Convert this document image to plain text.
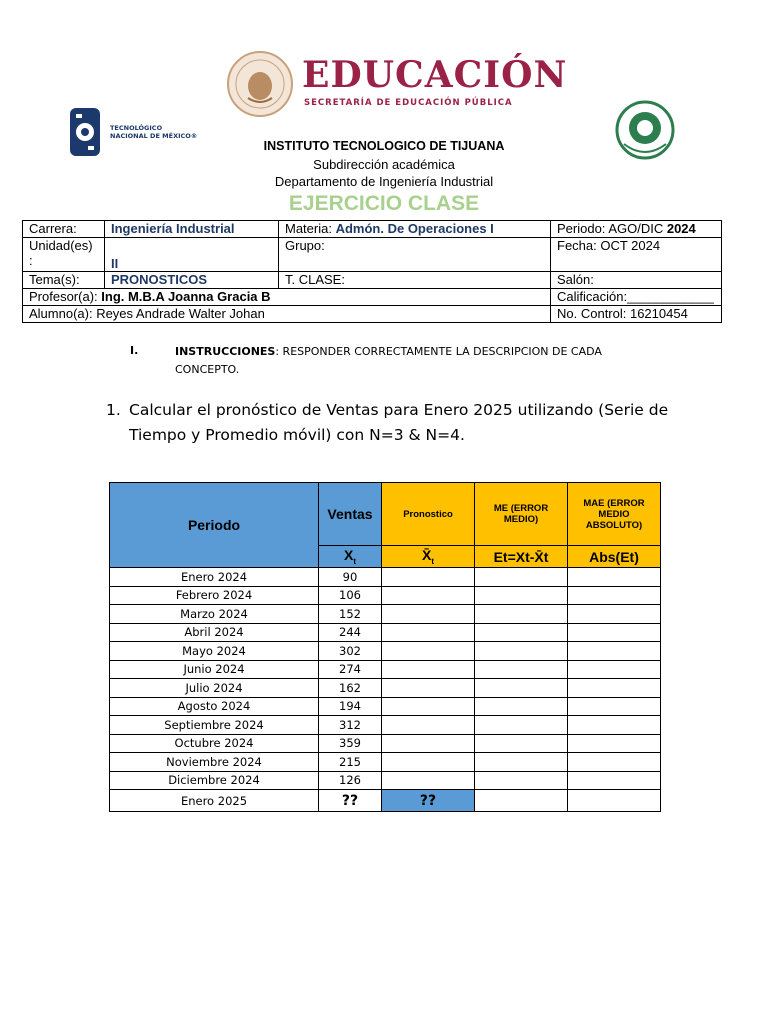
EDUCACIÓN
SECRETARÍA DE EDUCACIÓN PÚBLICA
TECNOLÓGICO
NACIONAL DE MÉXICO®
INSTITUTO TECNOLOGICO DE TIJUANA
Subdirección académica
Departamento de Ingeniería Industrial
EJERCICIO CLASE
Carrera:	Ingeniería Industrial	Materia: Admón. De Operaciones I	Periodo: AGO/DIC 2024

Unidad(es)
:	II	Grupo:	Fecha: OCT 2024
Tema(s):	PRONOSTICOS	T. CLASE:	Salón:
Profesor(a): Ing. M.B.A Joanna Gracia B			Calificación:____________
Alumno(a): Reyes Andrade Walter Johan			No. Control: 16210454
I.	INSTRUCCIONES: RESPONDER CORRECTAMENTE LA DESCRIPCION DE CADA CONCEPTO.
1. Calcular el pronóstico de Ventas para Enero 2025 utilizando (Serie de Tiempo y Promedio móvil) con N=3 & N=4.
Periodo	Ventas	Pronostico	ME (ERROR MEDIO)	MAE (ERROR MEDIO ABSOLUTO)
	$X_t$	$X̄_t$	Et=Xt-X̄t	Abs(Et)
Enero 2024	90			
Febrero 2024	106			
Marzo 2024	152			
Abril 2024	244			
Mayo 2024	302			
Junio 2024	274			
Julio 2024	162			
Agosto 2024	194			
Septiembre 2024	312			
Octubre 2024	359			
Noviembre 2024	215			
Diciembre 2024	126			
Enero 2025	??	??		
